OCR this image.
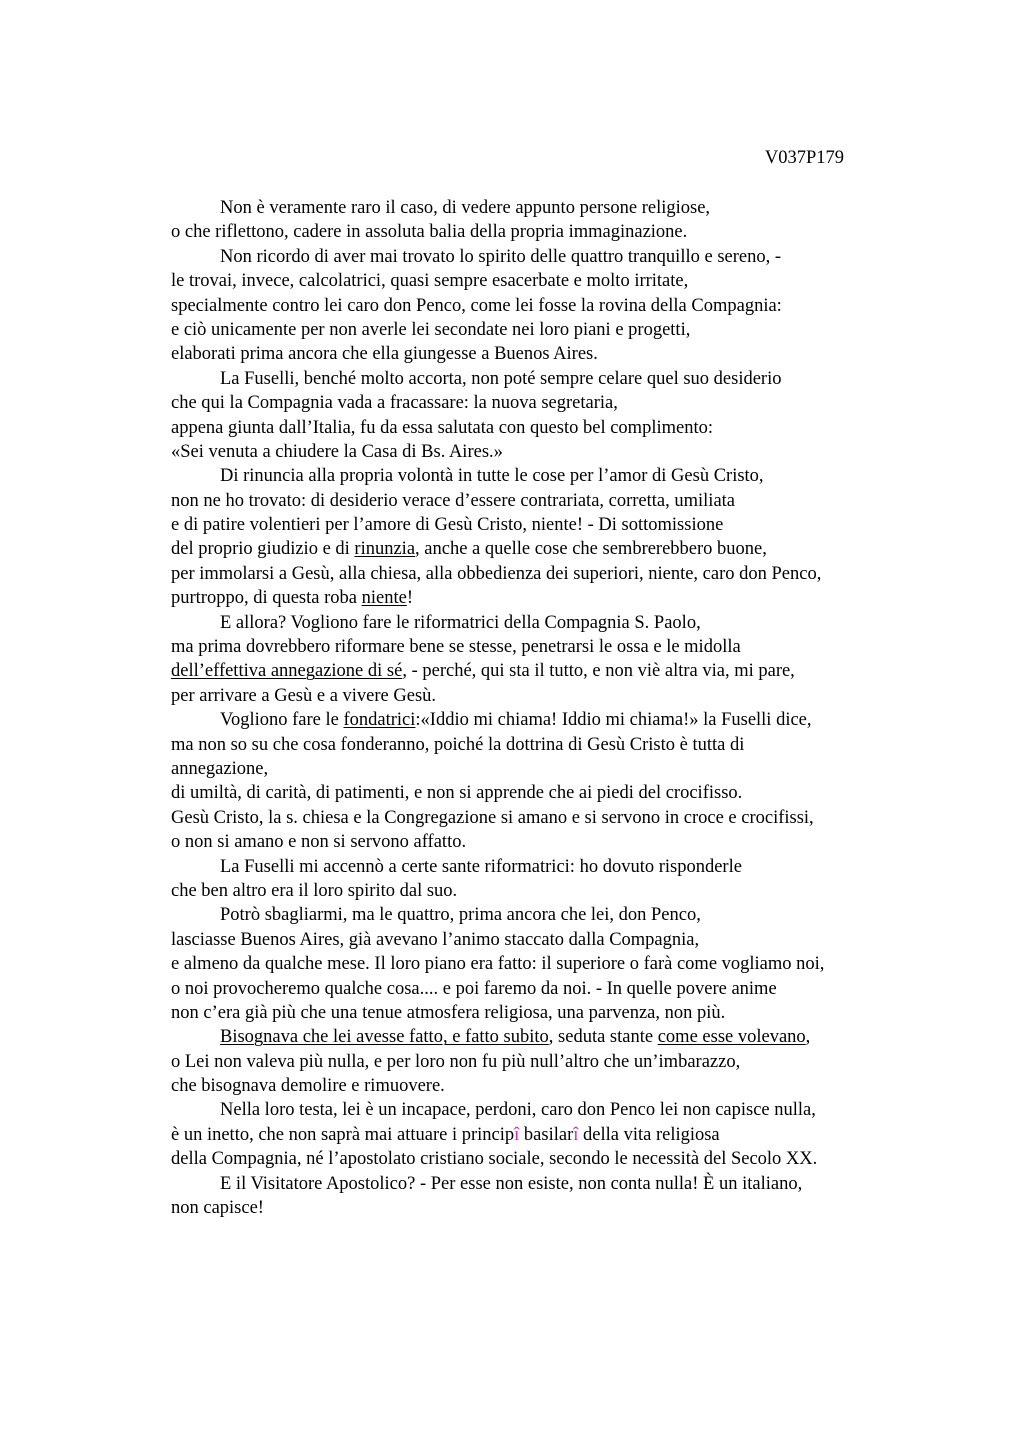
V037P179
Non è veramente raro il caso, di vedere appunto persone religiose,
o che riflettono, cadere in assoluta balia della propria immaginazione.
Non ricordo di aver mai trovato lo spirito delle quattro tranquillo e sereno, -
le trovai, invece, calcolatrici, quasi sempre esacerbate e molto irritate,
specialmente contro lei caro don Penco, come lei fosse la rovina della Compagnia:
e ciò unicamente per non averle lei secondate nei loro piani e progetti,
elaborati prima ancora che ella giungesse a Buenos Aires.
La Fuselli, benché molto accorta, non poté sempre celare quel suo desiderio
che qui la Compagnia vada a fracassare: la nuova segretaria,
appena giunta dall’Italia, fu da essa salutata con questo bel complimento:
«Sei venuta a chiudere la Casa di Bs. Aires.»
Di rinuncia alla propria volontà in tutte le cose per l’amor di Gesù Cristo,
non ne ho trovato: di desiderio verace d’essere contrariata, corretta, umiliata
e di patire volentieri per l’amore di Gesù Cristo, niente! - Di sottomissione
del proprio giudizio e di rinunzia, anche a quelle cose che sembrerebbero buone,
per immolarsi a Gesù, alla chiesa, alla obbedienza dei superiori, niente, caro don Penco,
purtroppo, di questa roba niente!
E allora? Vogliono fare le riformatrici della Compagnia S. Paolo,
ma prima dovrebbero riformare bene se stesse, penetrarsi le ossa e le midolla
dell’effettiva annegazione di sé, - perché, qui sta il tutto, e non viè altra via, mi pare,
per arrivare a Gesù e a vivere Gesù.
Vogliono fare le fondatrici:«Iddio mi chiama! Iddio mi chiama!» la Fuselli dice,
ma non so su che cosa fonderanno, poiché la dottrina di Gesù Cristo è tutta di
annegazione,
di umiltà, di carità, di patimenti, e non si apprende che ai piedi del crocifisso.
Gesù Cristo, la s. chiesa e la Congregazione si amano e si servono in croce e crocifissi,
o non si amano e non si servono affatto.
La Fuselli mi accennò a certe sante riformatrici: ho dovuto risponderle
che ben altro era il loro spirito dal suo.
Potrò sbagliarmi, ma le quattro, prima ancora che lei, don Penco,
lasciasse Buenos Aires, già avevano l’animo staccato dalla Compagnia,
e almeno da qualche mese. Il loro piano era fatto: il superiore o farà come vogliamo noi,
o noi provocheremo qualche cosa.... e poi faremo da noi. - In quelle povere anime
non c’era già più che una tenue atmosfera religiosa, una parvenza, non più.
Bisognava che lei avesse fatto, e fatto subito, seduta stante come esse volevano,
o Lei non valeva più nulla, e per loro non fu più null’altro che un’imbarazzo,
che bisognava demolire e rimuovere.
Nella loro testa, lei è un incapace, perdoni, caro don Penco lei non capisce nulla,
è un inetto, che non saprà mai attuare i principî basilarî della vita religiosa
della Compagnia, né l’apostolato cristiano sociale, secondo le necessità del Secolo XX.
E il Visitatore Apostolico? - Per esse non esiste, non conta nulla! È un italiano,
non capisce!
